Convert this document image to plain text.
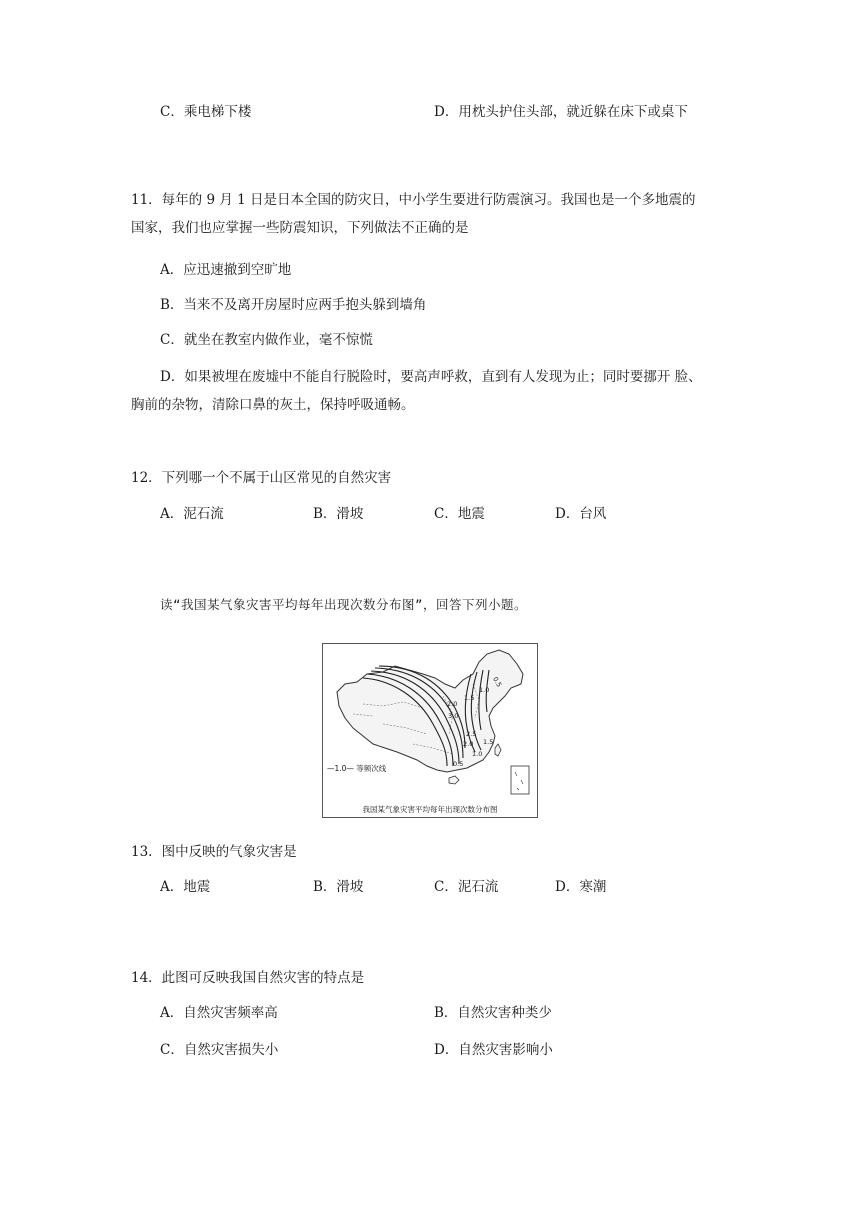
C．乘电梯下楼	D．用枕头护住头部，就近躲在床下或桌下
11．每年的 9 月 1 日是日本全国的防灾日，中小学生要进行防震演习。我国也是一个多地震的
国家，我们也应掌握一些防震知识，下列做法不正确的是
A．应迅速撤到空旷地
B．当来不及离开房屋时应两手抱头躲到墙角
C．就坐在教室内做作业，毫不惊慌
D．如果被埋在废墟中不能自行脱险时，要高声呼救，直到有人发现为止；同时要挪开 脸、
胸前的杂物，清除口鼻的灰土，保持呼吸通畅。
12．下列哪一个不属于山区常见的自然灾害
A．泥石流	B．滑坡	C．地震	D．台风
读“我国某气象灾害平均每年出现次数分布图”，回答下列小题。
0.5
1.0
1.5
2.0
3.0
2.5
2.0 1.5
1.0
0.5
—1.0— 等频次线
我国某气象灾害平均每年出现次数分布图
13．图中反映的气象灾害是
A．地震	B．滑坡	C．泥石流	D．寒潮
14．此图可反映我国自然灾害的特点是
A．自然灾害频率高	B．自然灾害种类少
C．自然灾害损失小	D．自然灾害影响小
